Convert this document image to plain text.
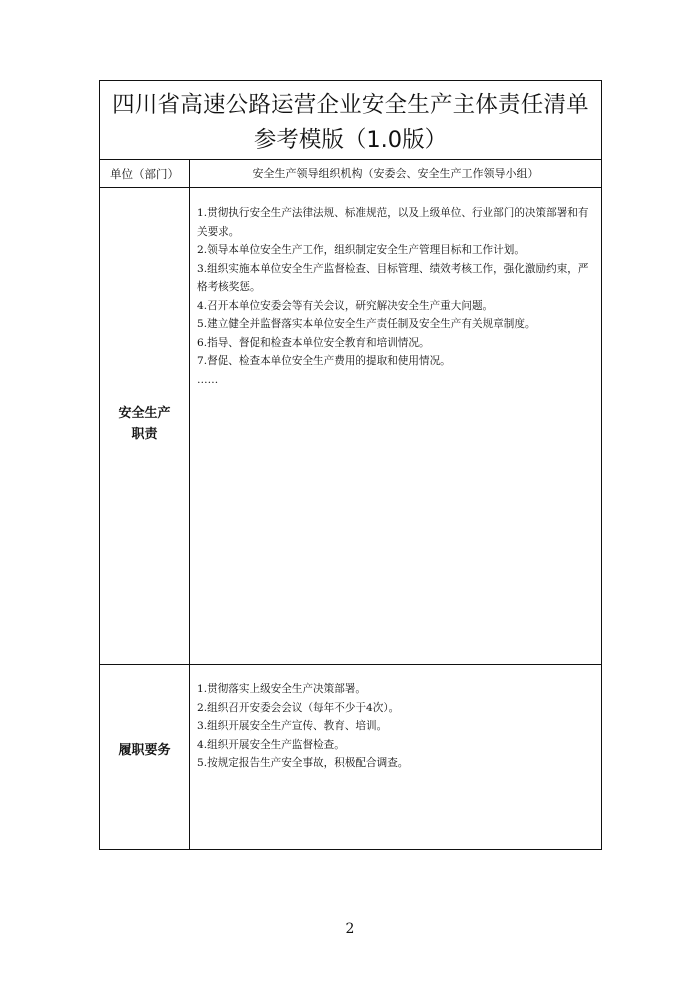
四川省高速公路运营企业安全生产主体责任清单
参考模版（1.0版）
单位（部门）	安全生产领导组织机构（安委会、安全生产工作领导小组）
安全生产
职责
1.贯彻执行安全生产法律法规、标准规范，以及上级单位、行业部门的决策部署和有关要求。
2.领导本单位安全生产工作，组织制定安全生产管理目标和工作计划。
3.组织实施本单位安全生产监督检查、目标管理、绩效考核工作，强化激励约束，严格考核奖惩。
4.召开本单位安委会等有关会议，研究解决安全生产重大问题。
5.建立健全并监督落实本单位安全生产责任制及安全生产有关规章制度。
6.指导、督促和检查本单位安全教育和培训情况。
7.督促、检查本单位安全生产费用的提取和使用情况。
……
履职要务
1.贯彻落实上级安全生产决策部署。
2.组织召开安委会会议（每年不少于4次）。
3.组织开展安全生产宣传、教育、培训。
4.组织开展安全生产监督检查。
5.按规定报告生产安全事故，积极配合调查。
2
